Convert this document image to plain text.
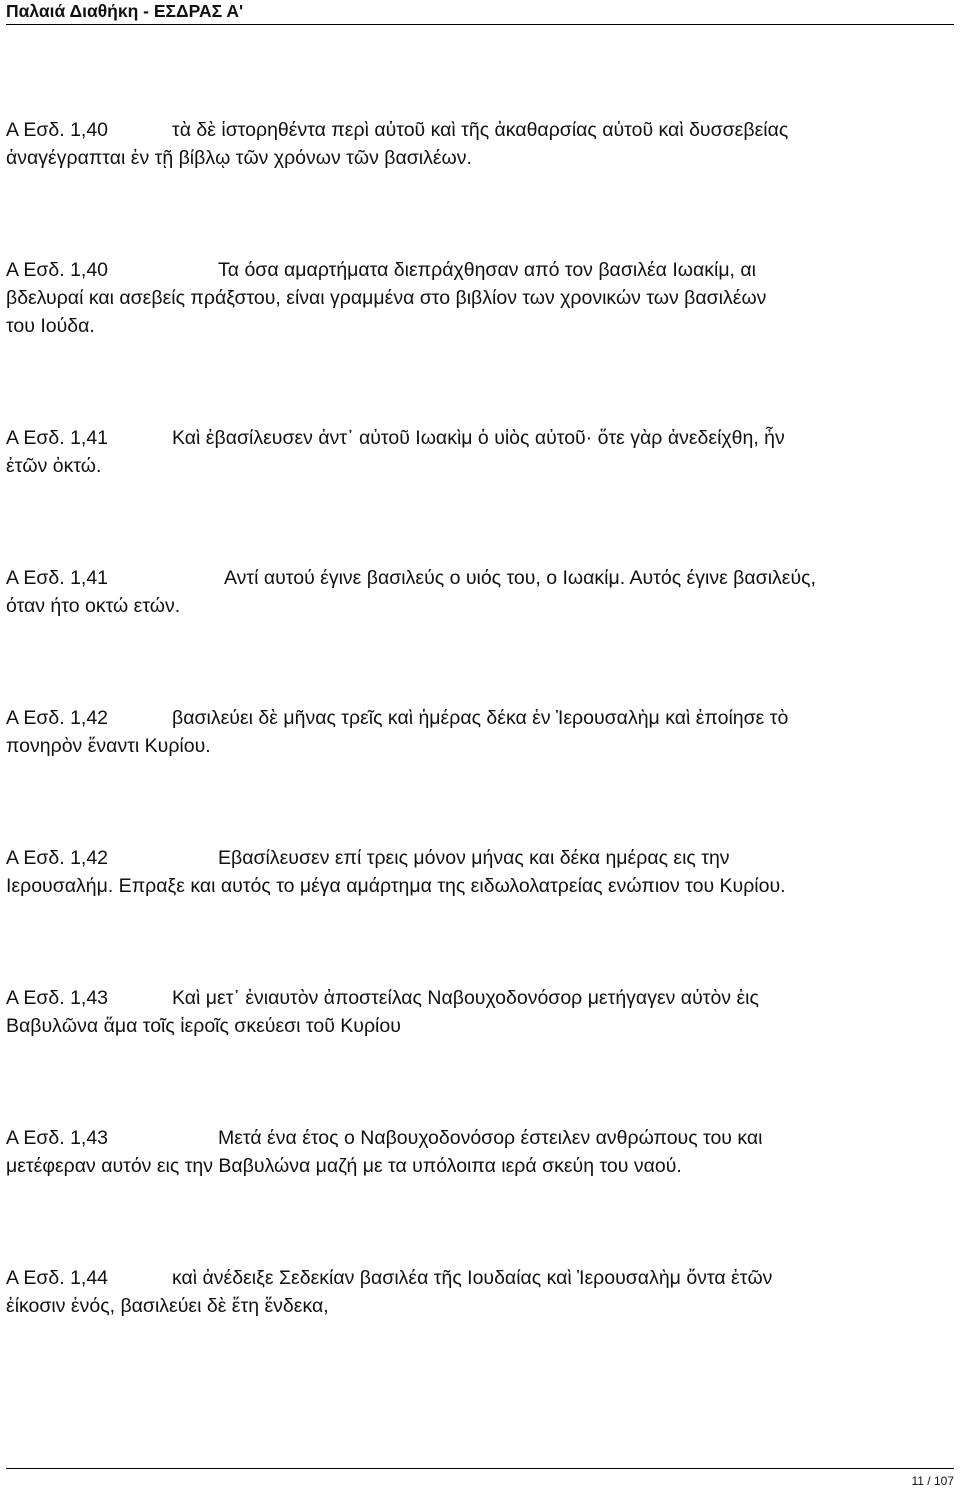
Παλαιά Διαθήκη - ΕΣΔΡΑΣ Α'
Α Εσδ. 1,40	τὰ δὲ ἱστορηθέντα περὶ αὐτοῦ καὶ τῆς ἀκαθαρσίας αὐτοῦ καὶ δυσσεβείας
ἀναγέγραπται ἐν τῇ βίβλῳ τῶν χρόνων τῶν βασιλέων.
Α Εσδ. 1,40	Τα όσα αμαρτήματα διεπράχθησαν από τον βασιλέα Ιωακίμ, αι
βδελυραί και ασεβείς πράξστου, είναι γραμμένα στο βιβλίον των χρονικών των βασιλέων
του Ιούδα.
Α Εσδ. 1,41	Καὶ ἐβασίλευσεν ἀντ᾽ αὐτοῦ Ιωακὶμ ὁ υἱὸς αὐτοῦ· ὅτε γὰρ ἀνεδείχθη, ἦν
ἐτῶν ὀκτώ.
Α Εσδ. 1,41	Αντί αυτού έγινε βασιλεύς ο υιός του, ο Ιωακίμ. Αυτός έγινε βασιλεύς,
όταν ήτο οκτώ ετών.
Α Εσδ. 1,42	βασιλεύει δὲ μῆνας τρεῖς καὶ ἡμέρας δέκα ἐν Ἱερουσαλὴμ καὶ ἐποίησε τὸ
πονηρὸν ἔναντι Κυρίου.
Α Εσδ. 1,42	Εβασίλευσεν επί τρεις μόνον μήνας και δέκα ημέρας εις την
Ιερουσαλήμ. Επραξε και αυτός το μέγα αμάρτημα της ειδωλολατρείας ενώπιον του Κυρίου.
Α Εσδ. 1,43	Καὶ μετ᾽ ἐνιαυτὸν ἀποστείλας Ναβουχοδονόσορ μετήγαγεν αὐτὸν ἐις
Βαβυλῶνα ἅμα τοῖς ἱεροῖς σκεύεσι τοῦ Κυρίου
Α Εσδ. 1,43	Μετά ένα έτος ο Ναβουχοδονόσορ έστειλεν ανθρώπους του και
μετέφεραν αυτόν εις την Βαβυλώνα μαζή με τα υπόλοιπα ιερά σκεύη του ναού.
Α Εσδ. 1,44	καὶ ἀνέδειξε Σεδεκίαν βασιλέα τῆς Ιουδαίας καὶ Ἱερουσαλὴμ ὄντα ἐτῶν
ἐίκοσιν ἑνός, βασιλεύει δὲ ἔτη ἕνδεκα,
11 / 107
